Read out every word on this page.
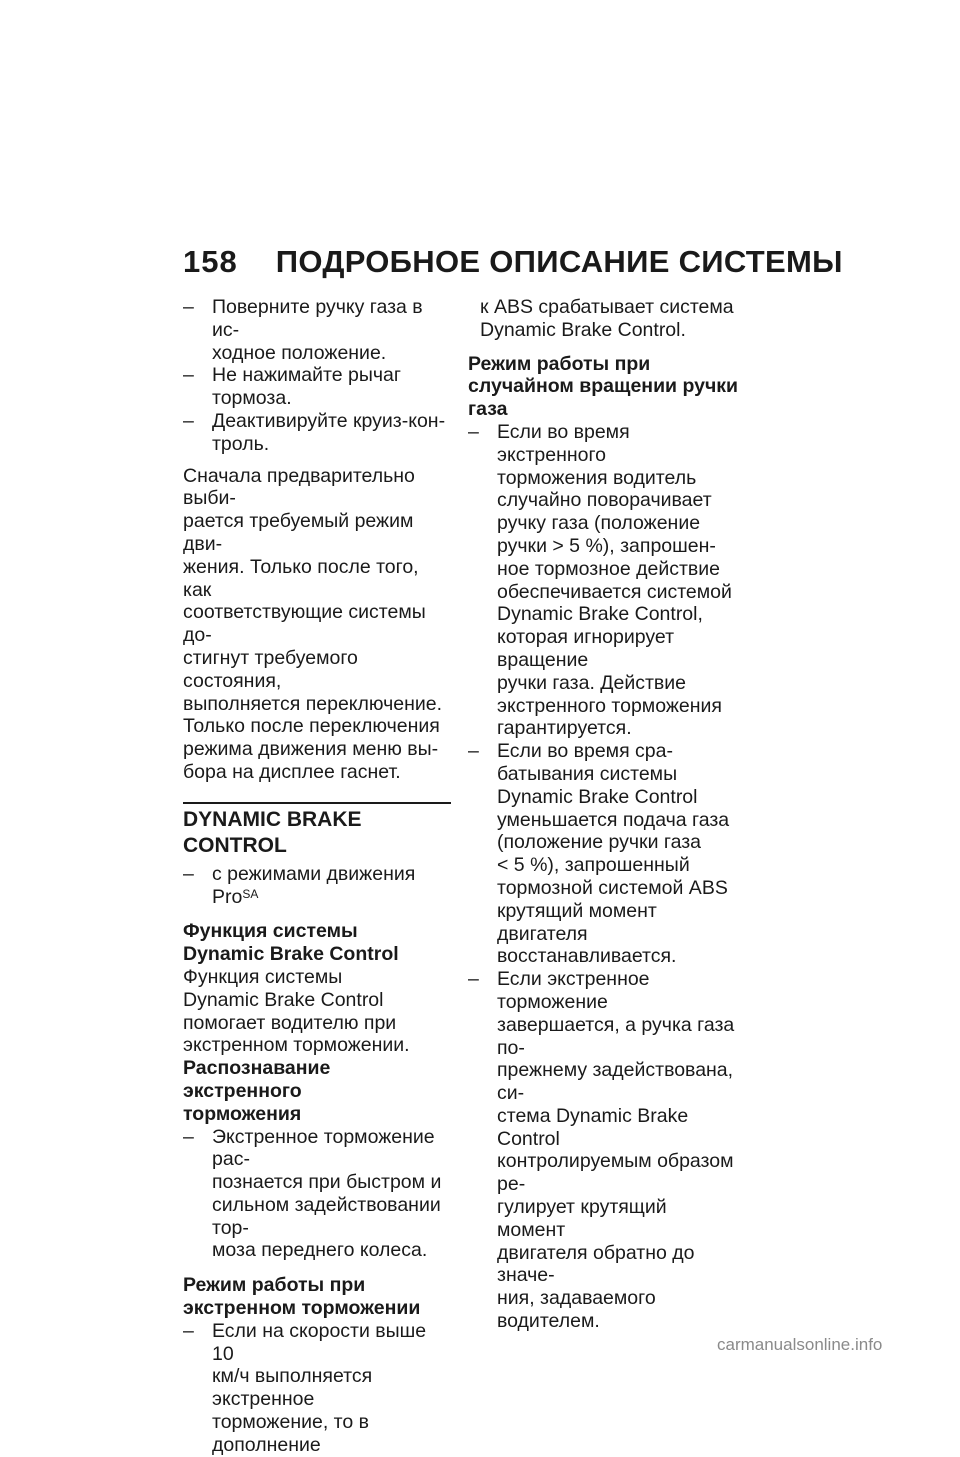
158 ПОДРОБНОЕ ОПИСАНИЕ СИСТЕМЫ
– Поверните ручку газа в ис-
ходное положение.
– Не нажимайте рычаг тормоза.
– Деактивируйте круиз-кон-
троль.
Сначала предварительно выби-
рается требуемый режим дви-
жения. Только после того, как
соответствующие системы до-
стигнут требуемого состояния,
выполняется переключение.
Только после переключения
режима движения меню вы-
бора на дисплее гаснет.
DYNAMIC BRAKE CONTROL
– с режимами движения Pro$^{SA}$
Функция системы
Dynamic Brake Control
Функция системы
Dynamic Brake Control
помогает водителю при
экстренном торможении.
Распознавание экстренного
торможения
– Экстренное торможение рас-
познается при быстром и
сильном задействовании тор-
моза переднего колеса.
Режим работы при
экстренном торможении
– Если на скорости выше 10
км/ч выполняется экстренное
торможение, то в дополнение
к ABS срабатывает система
Dynamic Brake Control.
Режим работы при
случайном вращении ручки
газа
– Если во время экстренного
торможения водитель
случайно поворачивает
ручку газа (положение
ручки > 5 %), запрошен-
ное тормозное действие
обеспечивается системой
Dynamic Brake Control,
которая игнорирует вращение
ручки газа. Действие
экстренного торможения
гарантируется.
– Если во время сра-
батывания системы
Dynamic Brake Control
уменьшается подача газа
(положение ручки газа
< 5 %), запрошенный
тормозной системой ABS
крутящий момент двигателя
восстанавливается.
– Если экстренное торможение
завершается, а ручка газа по-
прежнему задействована, си-
стема Dynamic Brake Control
контролируемым образом ре-
гулирует крутящий момент
двигателя обратно до значе-
ния, задаваемого водителем.
carmanualsonline.info
